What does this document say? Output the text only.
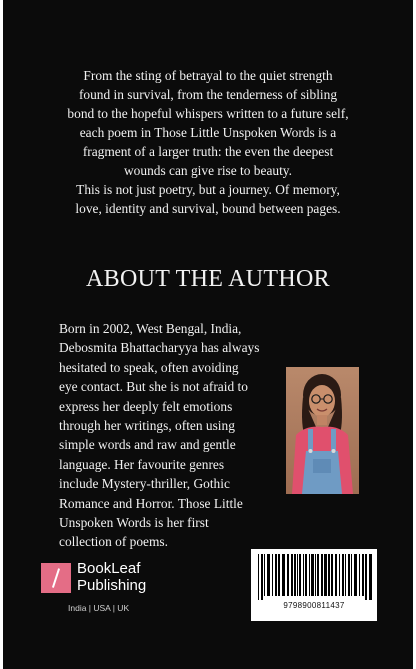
From the sting of betrayal to the quiet strength
found in survival, from the tenderness of sibling
bond to the hopeful whispers written to a future self,
each poem in Those Little Unspoken Words is a
fragment of a larger truth: the even the deepest
wounds can give rise to beauty.
This is not just poetry, but a journey. Of memory,
love, identity and survival, bound between pages.

ABOUT THE AUTHOR

Born in 2002, West Bengal, India,
Debosmita Bhattacharyya has always
hesitated to speak, often avoiding
eye contact. But she is not afraid to
express her deeply felt emotions
through her writings, often using
simple words and raw and gentle
language. Her favourite genres
include Mystery-thriller, Gothic
Romance and Horror. Those Little
Unspoken Words is her first
collection of poems.

BookLeaf
Publishing
India | USA | UK	9798900811437
